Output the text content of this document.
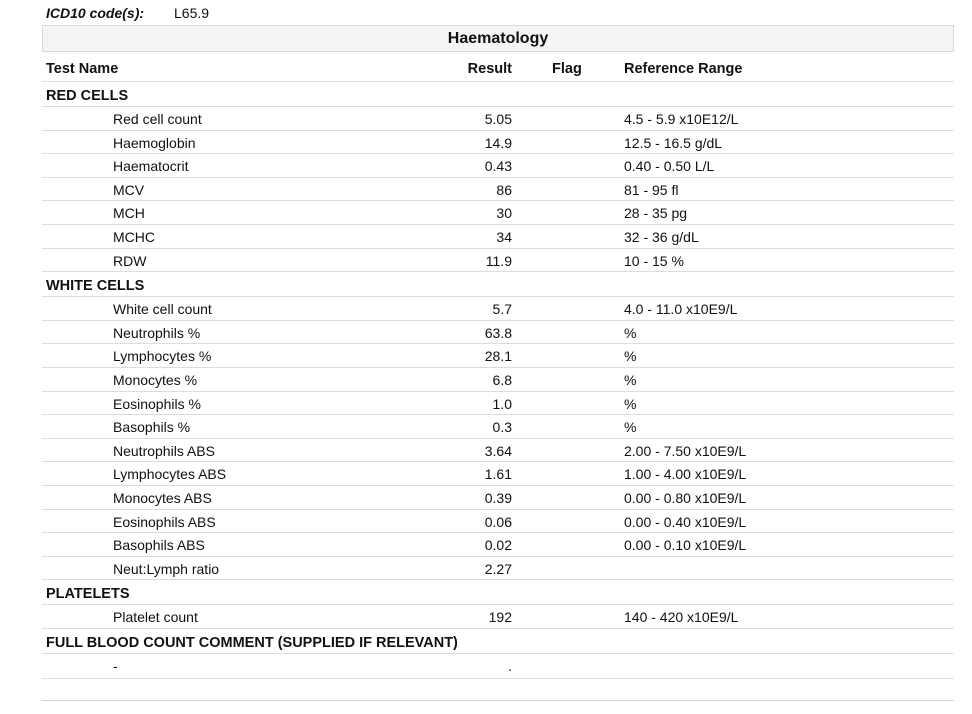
ICD10 code(s): L65.9
Haematology
Test Name	Result	Flag	Reference Range
RED CELLS
Red cell count	5.05	4.5 - 5.9 x10E12/L
Haemoglobin	14.9	12.5 - 16.5 g/dL
Haematocrit	0.43	0.40 - 0.50 L/L
MCV	86	81 - 95 fl
MCH	30	28 - 35 pg
MCHC	34	32 - 36 g/dL
RDW	11.9	10 - 15 %
WHITE CELLS
White cell count	5.7	4.0 - 11.0 x10E9/L
Neutrophils %	63.8	%
Lymphocytes %	28.1	%
Monocytes %	6.8	%
Eosinophils %	1.0	%
Basophils %	0.3	%
Neutrophils ABS	3.64	2.00 - 7.50 x10E9/L
Lymphocytes ABS	1.61	1.00 - 4.00 x10E9/L
Monocytes ABS	0.39	0.00 - 0.80 x10E9/L
Eosinophils ABS	0.06	0.00 - 0.40 x10E9/L
Basophils ABS	0.02	0.00 - 0.10 x10E9/L
Neut:Lymph ratio	2.27
PLATELETS
Platelet count	192	140 - 420 x10E9/L
FULL BLOOD COUNT COMMENT (SUPPLIED IF RELEVANT)
-	.
